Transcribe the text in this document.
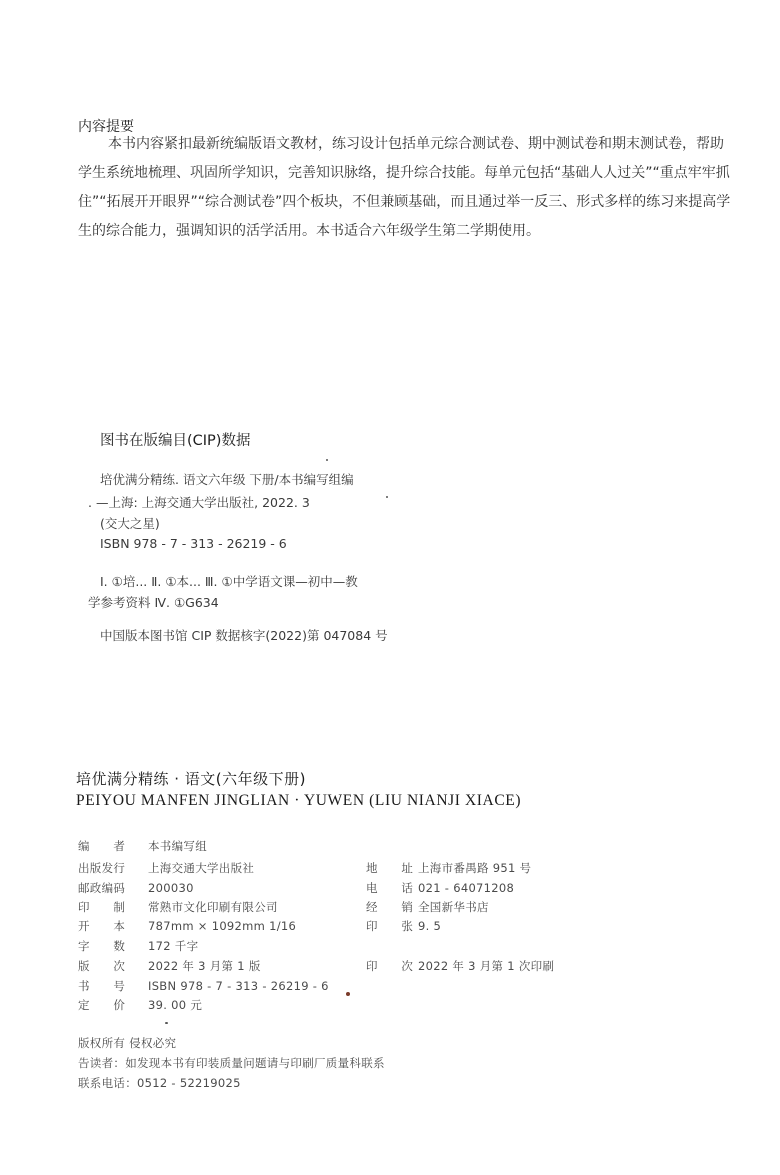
内容提要
本书内容紧扣最新统编版语文教材，练习设计包括单元综合测试卷、期中测试卷和期末测试卷，帮助
学生系统地梳理、巩固所学知识，完善知识脉络，提升综合技能。每单元包括“基础人人过关”“重点牢牢抓
住”“拓展开开眼界”“综合测试卷”四个板块，不但兼顾基础，而且通过举一反三、形式多样的练习来提高学
生的综合能力，强调知识的活学活用。本书适合六年级学生第二学期使用。
图书在版编目(CIP)数据
培优满分精练. 语文六年级 下册/本书编写组编
. —上海: 上海交通大学出版社, 2022. 3
(交大之星)
ISBN 978 - 7 - 313 - 26219 - 6
Ⅰ. ①培... Ⅱ. ①本... Ⅲ. ①中学语文课—初中—教
学参考资料 Ⅳ. ①G634
中国版本图书馆 CIP 数据核字(2022)第 047084 号
培优满分精练 · 语文(六年级下册)
PEIYOU MANFEN JINGLIAN · YUWEN (LIU NIANJI XIACE)
编　　者 本书编写组
出版发行 上海交通大学出版社
邮政编码 200030
印　　制 常熟市文化印刷有限公司
开　　本 787mm × 1092mm 1/16
字　　数 172 千字
版　　次 2022 年 3 月第 1 版
书　　号 ISBN 978 - 7 - 313 - 26219 - 6
定　　价 39. 00 元
地　　址 上海市番禺路 951 号
电　　话 021 - 64071208
经　　销 全国新华书店
印　　张 9. 5
印　　次 2022 年 3 月第 1 次印刷
版权所有 侵权必究
告读者：如发现本书有印装质量问题请与印刷厂质量科联系
联系电话：0512 - 52219025
